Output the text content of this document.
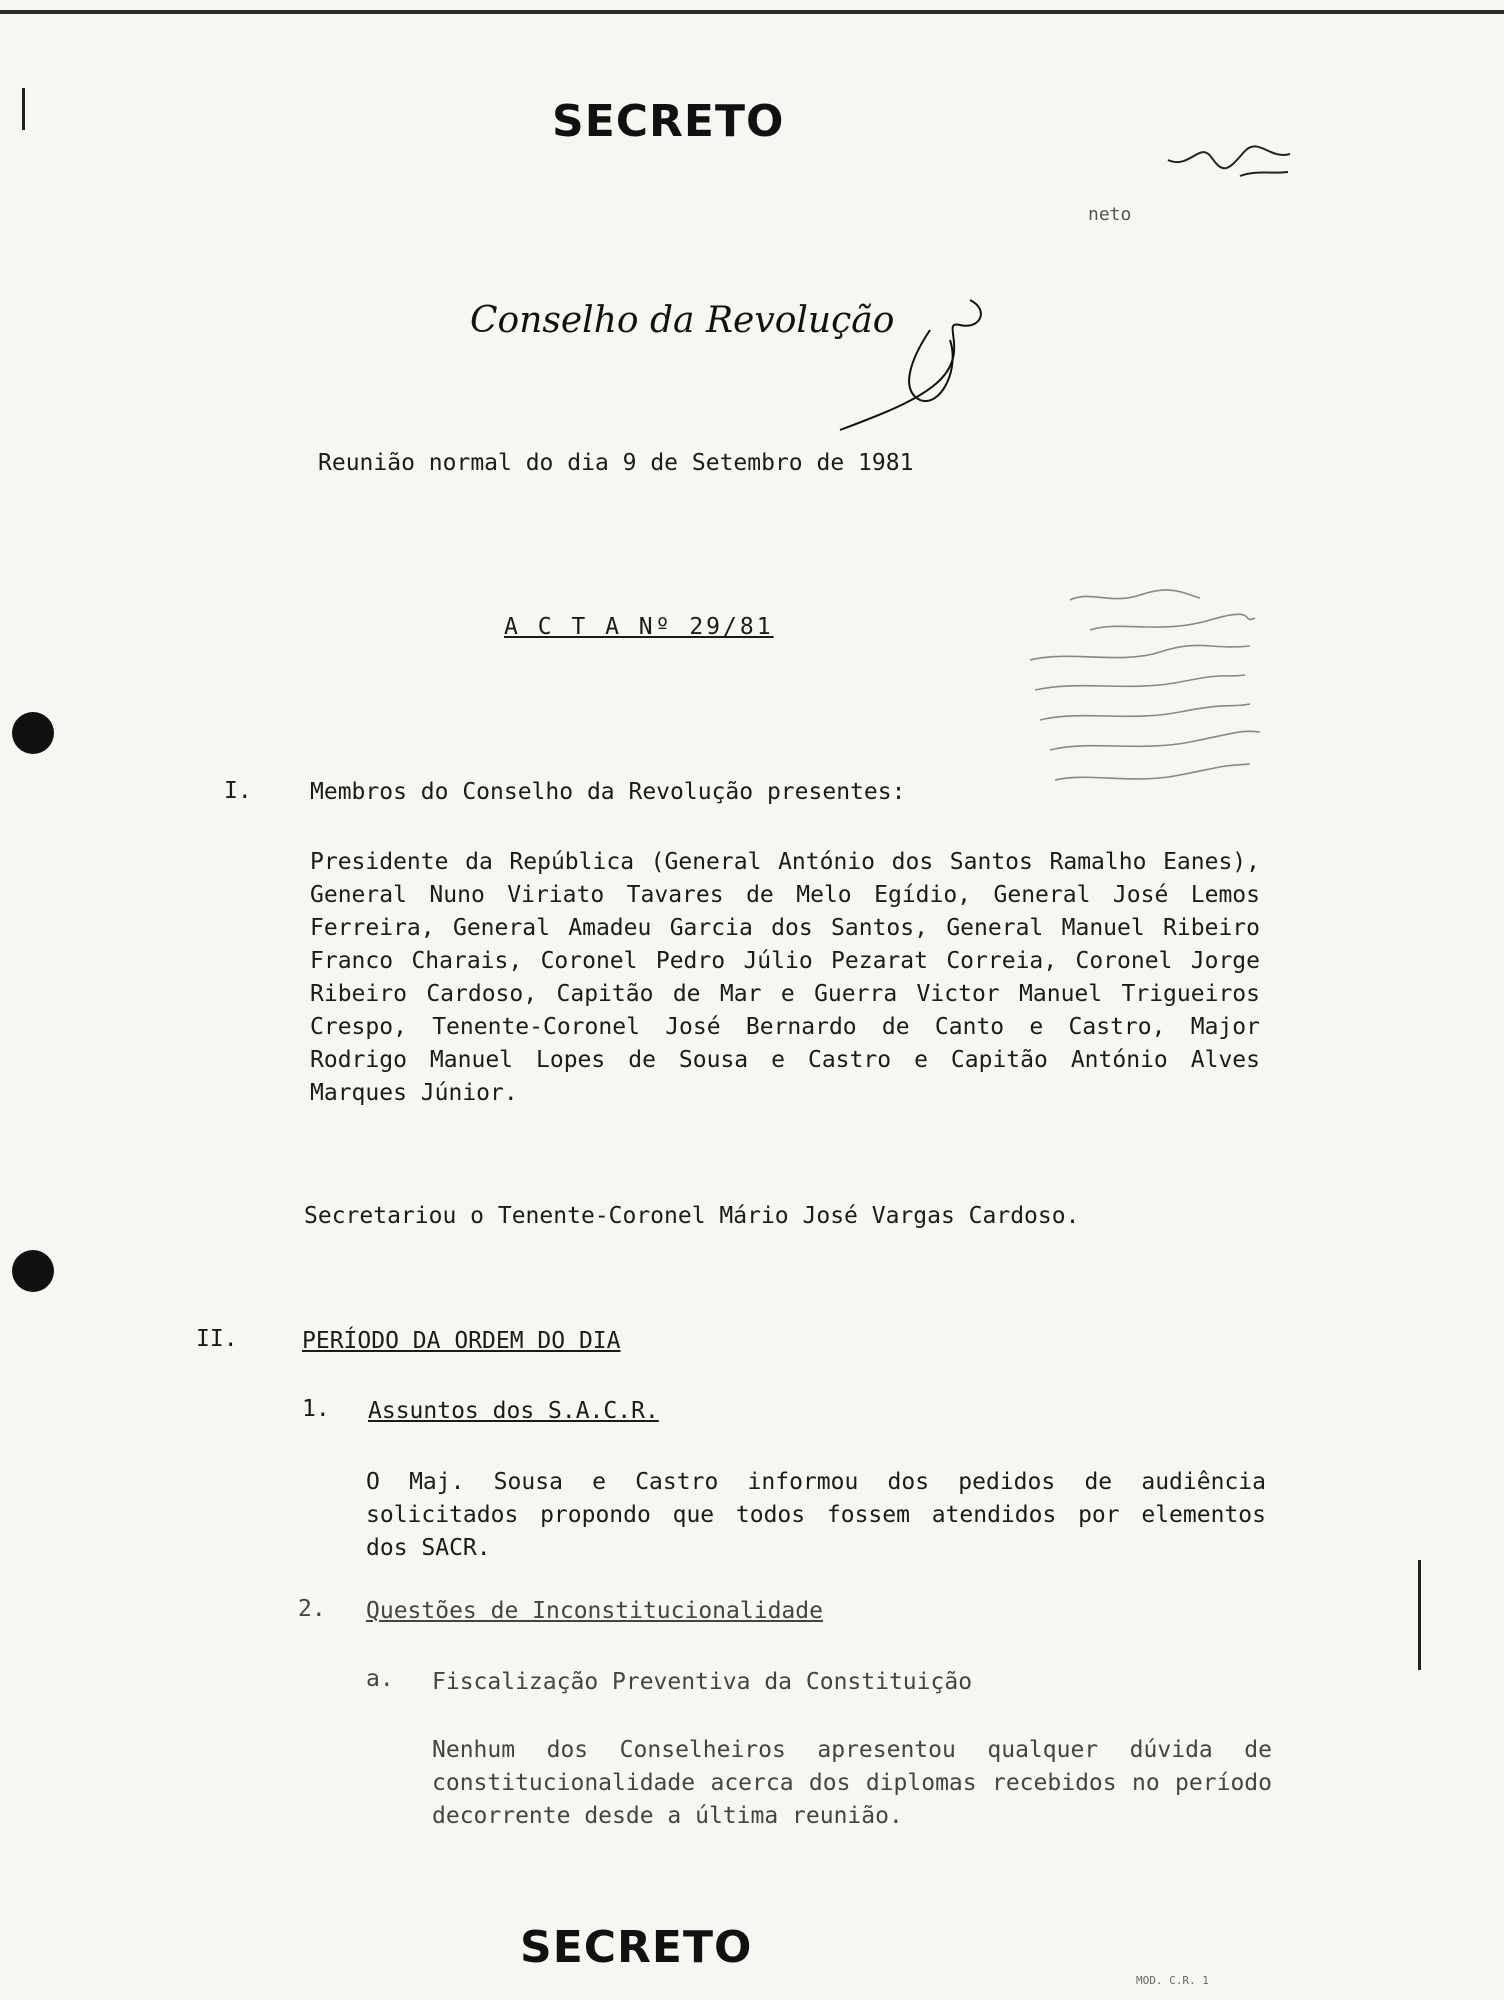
SECRETO
neto
Conselho da Revolução
Reunião normal do dia 9 de Setembro de 1981
A C T A Nº 29/81
I.	Membros do Conselho da Revolução presentes:

Presidente da República (General António dos Santos Ramalho Eanes), General Nuno Viriato Tavares de Melo Egídio, General José Lemos Ferreira, General Amadeu Garcia dos Santos, General Manuel Ribeiro Franco Charais, Coronel Pedro Júlio Pezarat Correia, Coronel Jorge Ribeiro Cardoso, Capitão de Mar e Guerra Victor Manuel Trigueiros Crespo, Tenente-Coronel José Bernardo de Canto e Castro, Major Rodrigo Manuel Lopes de Sousa e Castro e Capitão António Alves Marques Júnior.

Secretariou o Tenente-Coronel Mário José Vargas Cardoso.

II.	PERÍODO DA ORDEM DO DIA
1. Assuntos dos S.A.C.R.

O Maj. Sousa e Castro informou dos pedidos de audiência solicitados propondo que todos fossem atendidos por elementos dos SACR.

2. Questões de Inconstitucionalidade
a. Fiscalização Preventiva da Constituição

Nenhum dos Conselheiros apresentou qualquer dúvida de constitucionalidade acerca dos diplomas recebidos no período decorrente desde a última reunião.

SECRETO
MOD. C.R. 1
